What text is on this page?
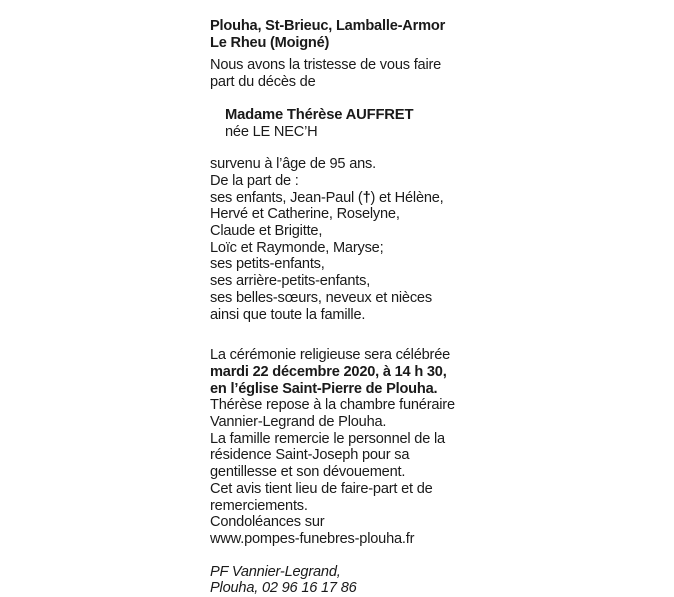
Plouha, St-Brieuc, Lamballe-Armor
Le Rheu (Moigné)
Nous avons la tristesse de vous faire
part du décès de
Madame Thérèse AUFFRET
née LE NEC’H
survenu à l’âge de 95 ans.
De la part de :
ses enfants, Jean-Paul (†) et Hélène,
Hervé et Catherine, Roselyne,
Claude et Brigitte,
Loïc et Raymonde, Maryse;
ses petits-enfants,
ses arrière-petits-enfants,
ses belles-sœurs, neveux et nièces
ainsi que toute la famille.
La cérémonie religieuse sera célébrée
mardi 22 décembre 2020, à 14 h 30,
en l’église Saint-Pierre de Plouha.
Thérèse repose à la chambre funéraire
Vannier-Legrand de Plouha.
La famille remercie le personnel de la
résidence Saint-Joseph pour sa
gentillesse et son dévouement.
Cet avis tient lieu de faire-part et de
remerciements.
Condoléances sur
www.pompes-funebres-plouha.fr
PF Vannier-Legrand,
Plouha, 02 96 16 17 86
